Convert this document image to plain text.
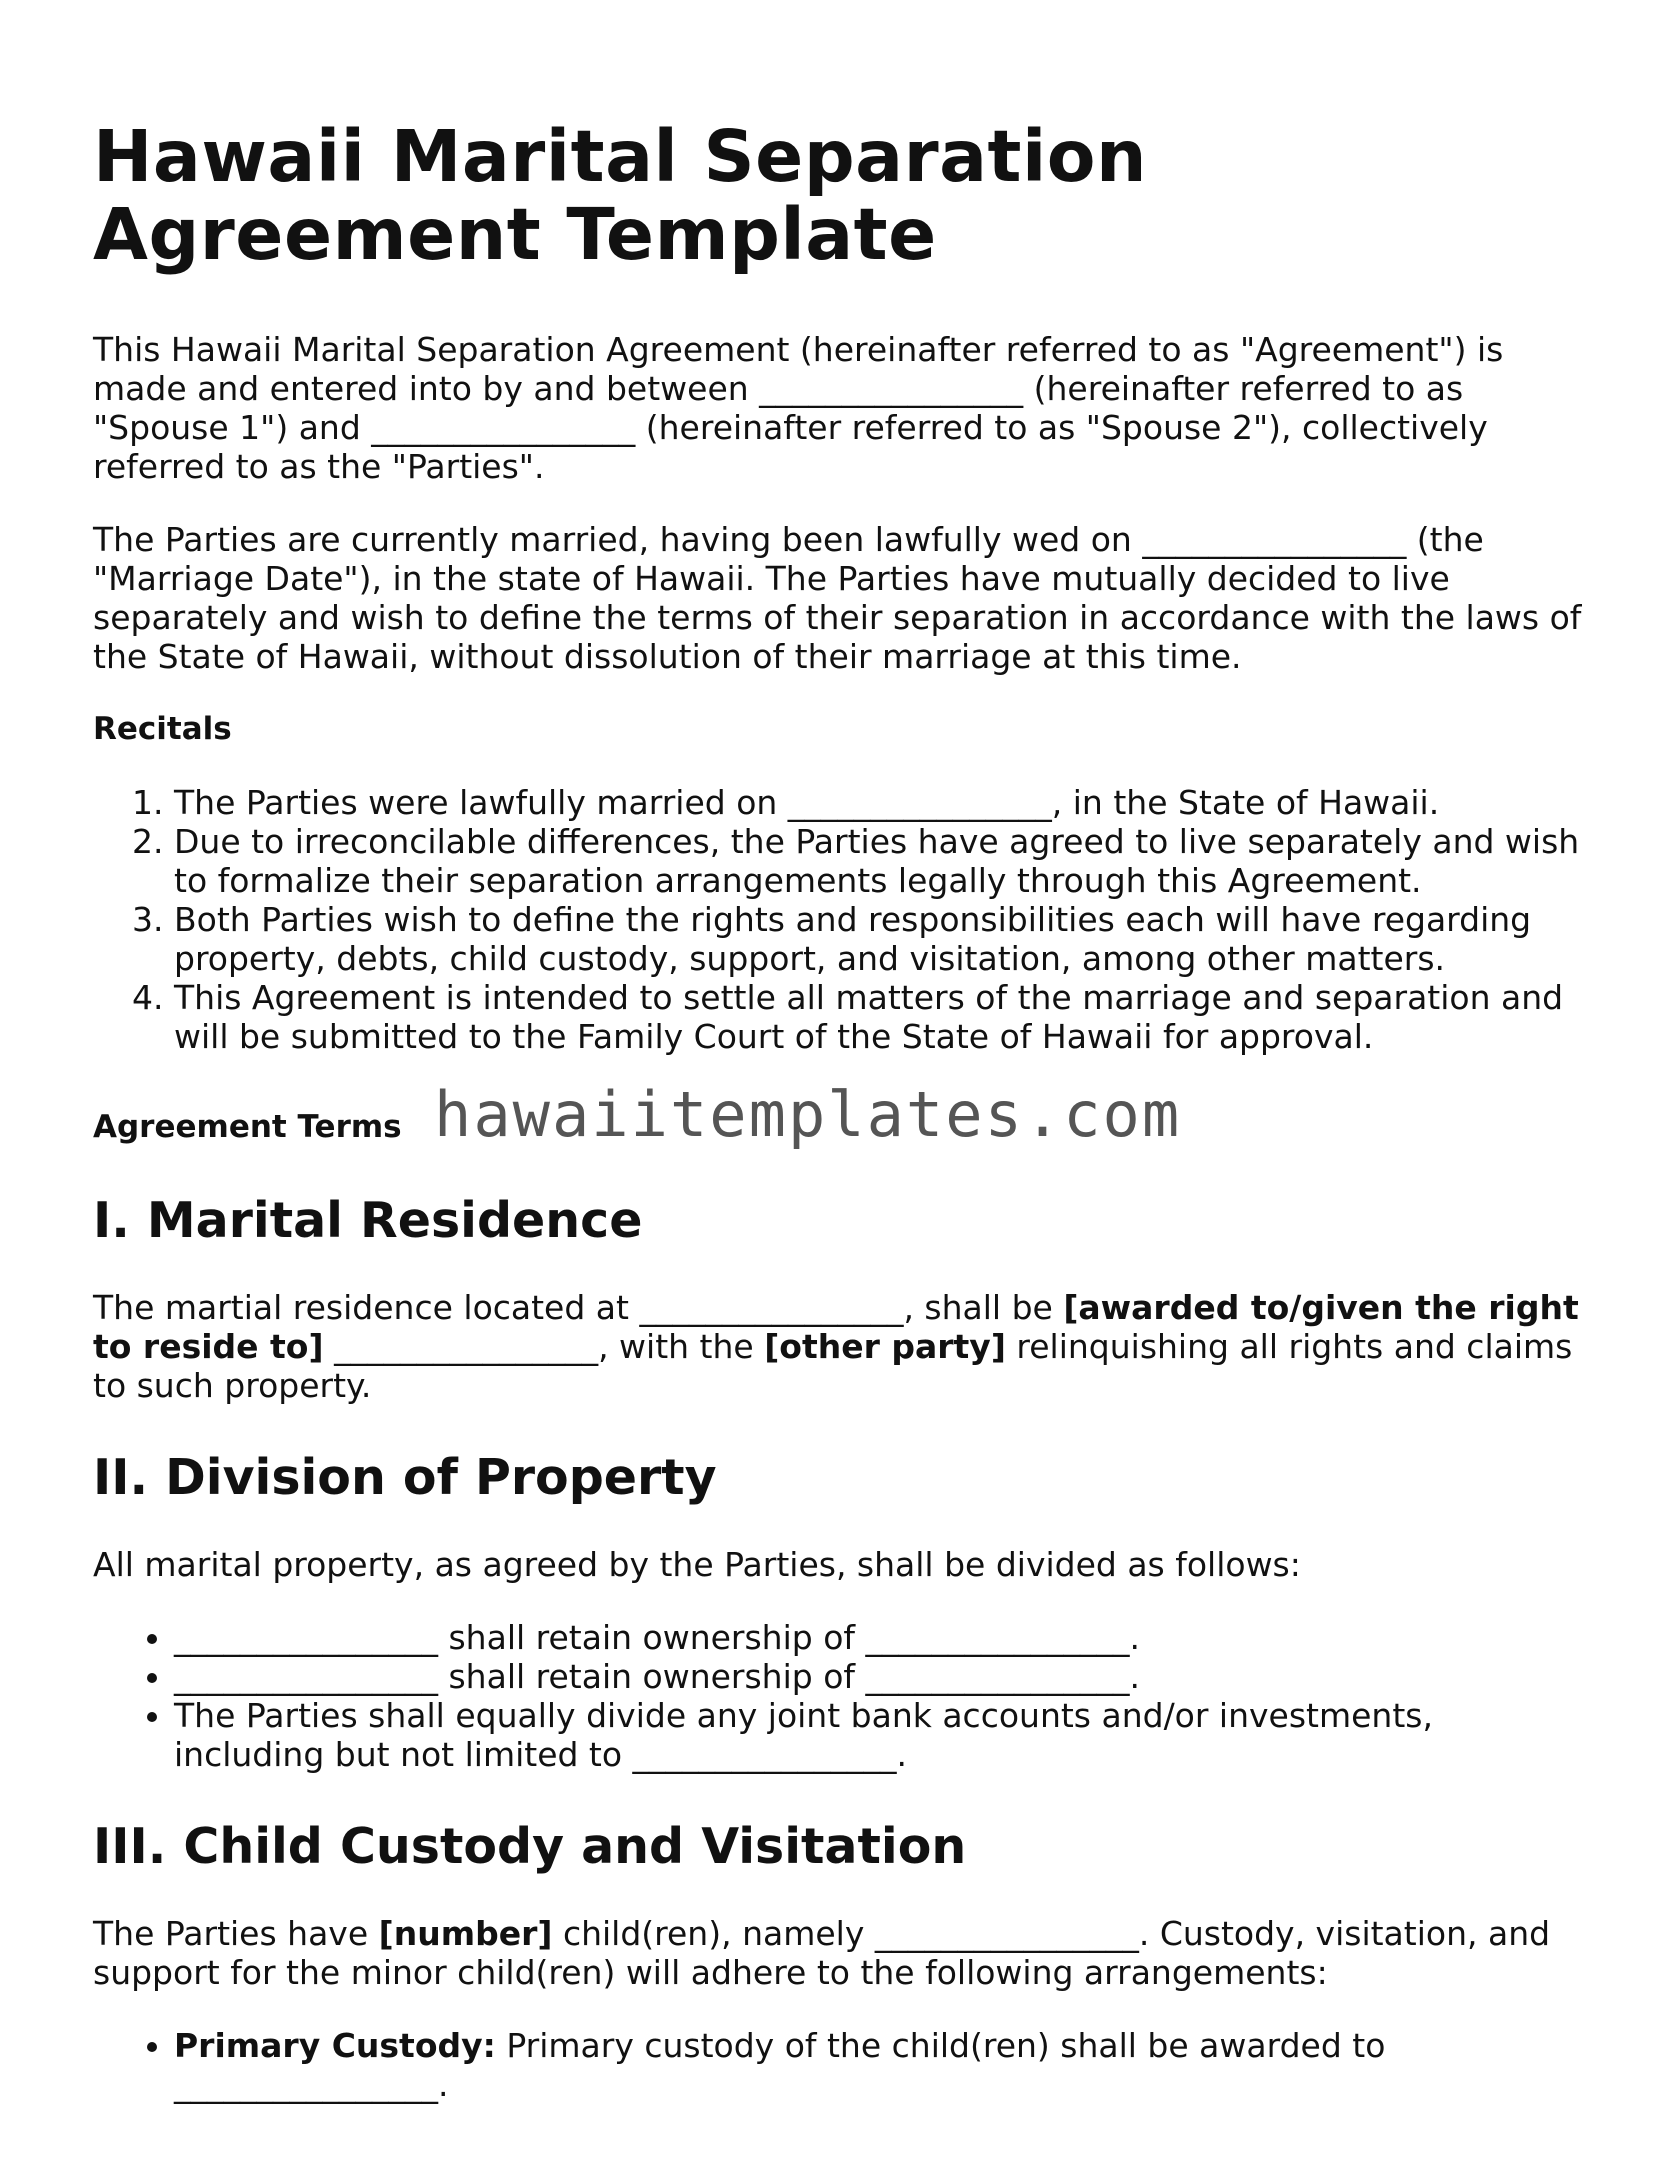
Hawaii Marital Separation Agreement Template

This Hawaii Marital Separation Agreement (hereinafter referred to as "Agreement") is made and entered into by and between ________________ (hereinafter referred to as "Spouse 1") and ________________ (hereinafter referred to as "Spouse 2"), collectively referred to as the "Parties".

The Parties are currently married, having been lawfully wed on ________________ (the "Marriage Date"), in the state of Hawaii. The Parties have mutually decided to live separately and wish to define the terms of their separation in accordance with the laws of the State of Hawaii, without dissolution of their marriage at this time.

Recitals

1. The Parties were lawfully married on ________________, in the State of Hawaii.
2. Due to irreconcilable differences, the Parties have agreed to live separately and wish to formalize their separation arrangements legally through this Agreement.
3. Both Parties wish to define the rights and responsibilities each will have regarding property, debts, child custody, support, and visitation, among other matters.
4. This Agreement is intended to settle all matters of the marriage and separation and will be submitted to the Family Court of the State of Hawaii for approval.
Agreement Terms hawaiitemplates.com
I. Marital Residence

The martial residence located at ________________, shall be [awarded to/given the right to reside to] ________________, with the [other party] relinquishing all rights and claims to such property.

II. Division of Property

All marital property, as agreed by the Parties, shall be divided as follows:

• ________________ shall retain ownership of ________________.
• ________________ shall retain ownership of ________________.
• The Parties shall equally divide any joint bank accounts and/or investments, including but not limited to ________________.
III. Child Custody and Visitation

The Parties have [number] child(ren), namely ________________. Custody, visitation, and support for the minor child(ren) will adhere to the following arrangements:

• Primary Custody: Primary custody of the child(ren) shall be awarded to ________________.
